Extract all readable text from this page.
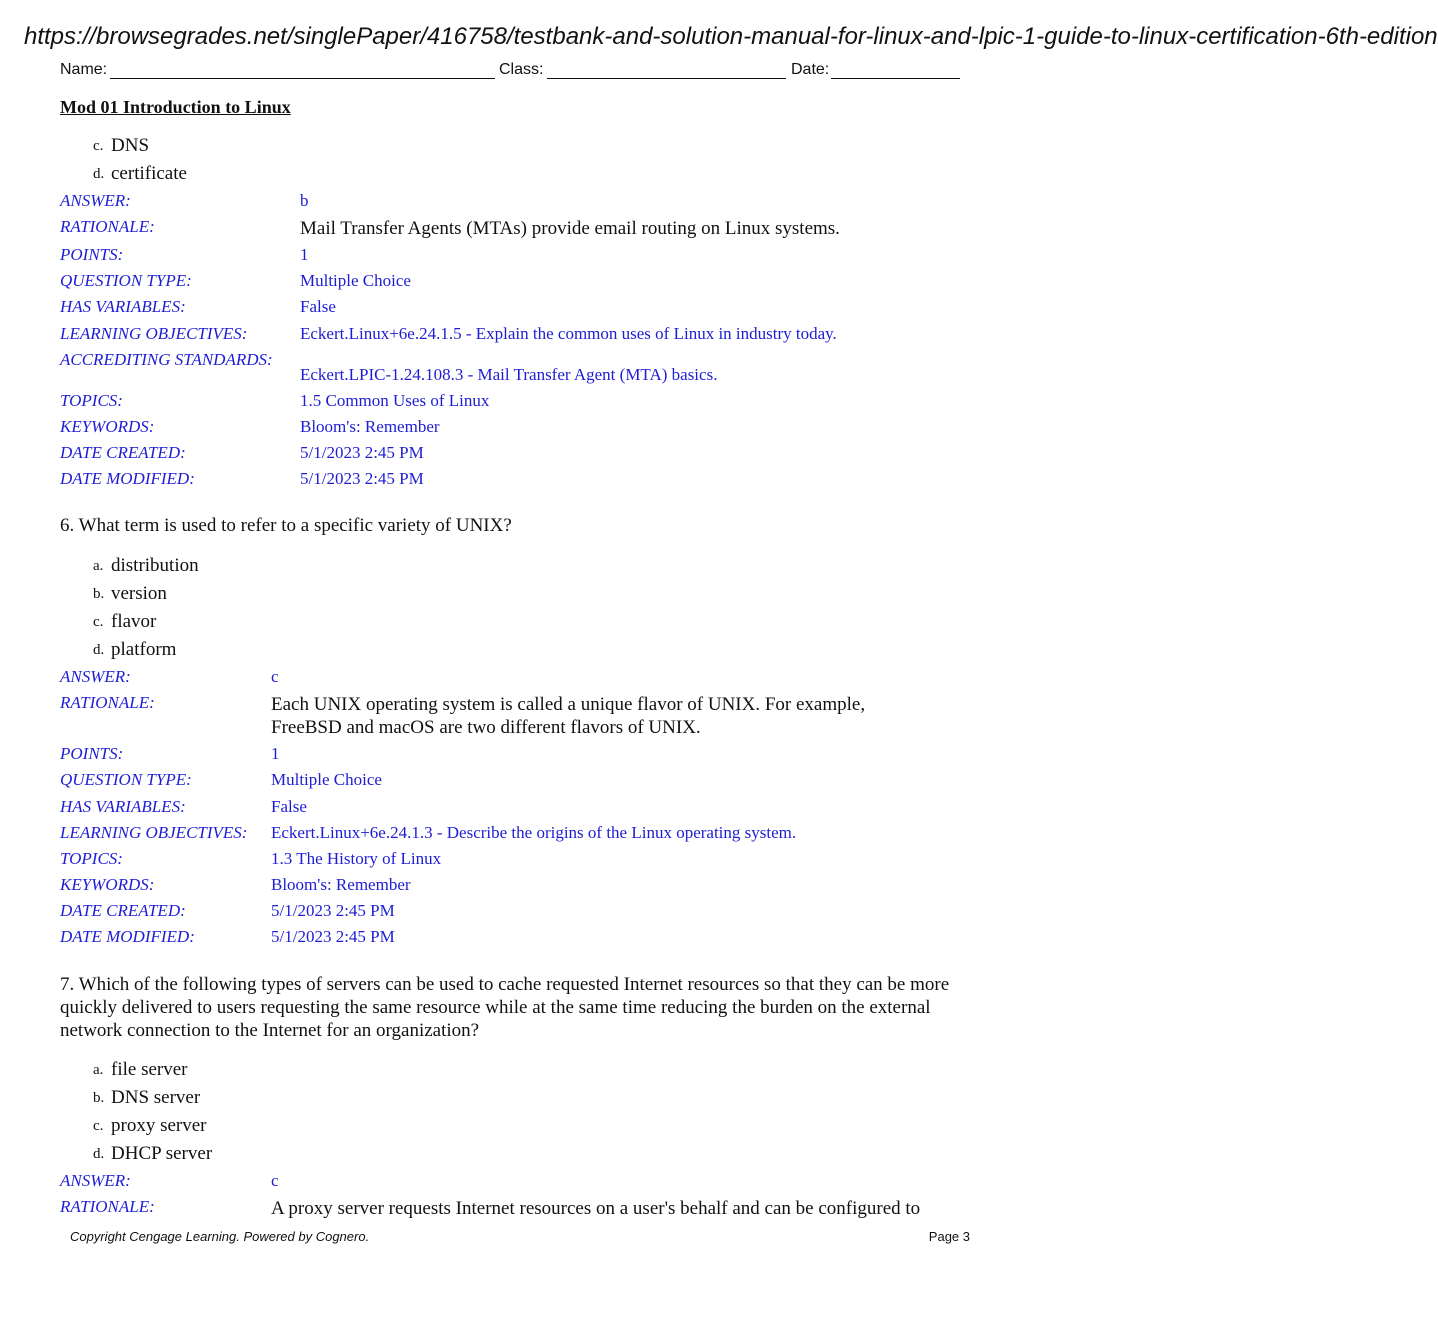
https://browsegrades.net/singlePaper/416758/testbank-and-solution-manual-for-linux-and-lpic-1-guide-to-linux-certification-6th-edition
Name:	Class:	Date:
Mod 01 Introduction to Linux
c. DNS
d. certificate
ANSWER:	b
RATIONALE:	Mail Transfer Agents (MTAs) provide email routing on Linux systems.
POINTS:	1
QUESTION TYPE:	Multiple Choice
HAS VARIABLES:	False
LEARNING OBJECTIVES:	Eckert.Linux+6e.24.1.5 - Explain the common uses of Linux in industry today.
ACCREDITING STANDARDS:
Eckert.LPIC-1.24.108.3 - Mail Transfer Agent (MTA) basics.
TOPICS:	1.5 Common Uses of Linux
KEYWORDS:	Bloom's: Remember
DATE CREATED:	5/1/2023 2:45 PM
DATE MODIFIED:	5/1/2023 2:45 PM
6. What term is used to refer to a specific variety of UNIX?
a. distribution
b. version
c. flavor
d. platform
ANSWER:	c
RATIONALE:	Each UNIX operating system is called a unique flavor of UNIX. For example, FreeBSD and macOS are two different flavors of UNIX.
POINTS:	1
QUESTION TYPE:	Multiple Choice
HAS VARIABLES:	False
LEARNING OBJECTIVES: Eckert.Linux+6e.24.1.3 - Describe the origins of the Linux operating system.
TOPICS:	1.3 The History of Linux
KEYWORDS:	Bloom's: Remember
DATE CREATED:	5/1/2023 2:45 PM
DATE MODIFIED:	5/1/2023 2:45 PM
7. Which of the following types of servers can be used to cache requested Internet resources so that they can be more quickly delivered to users requesting the same resource while at the same time reducing the burden on the external network connection to the Internet for an organization?
a. file server
b. DNS server
c. proxy server
d. DHCP server
ANSWER:	c
RATIONALE:	A proxy server requests Internet resources on a user's behalf and can be configured to
Copyright Cengage Learning. Powered by Cognero.	Page 3
